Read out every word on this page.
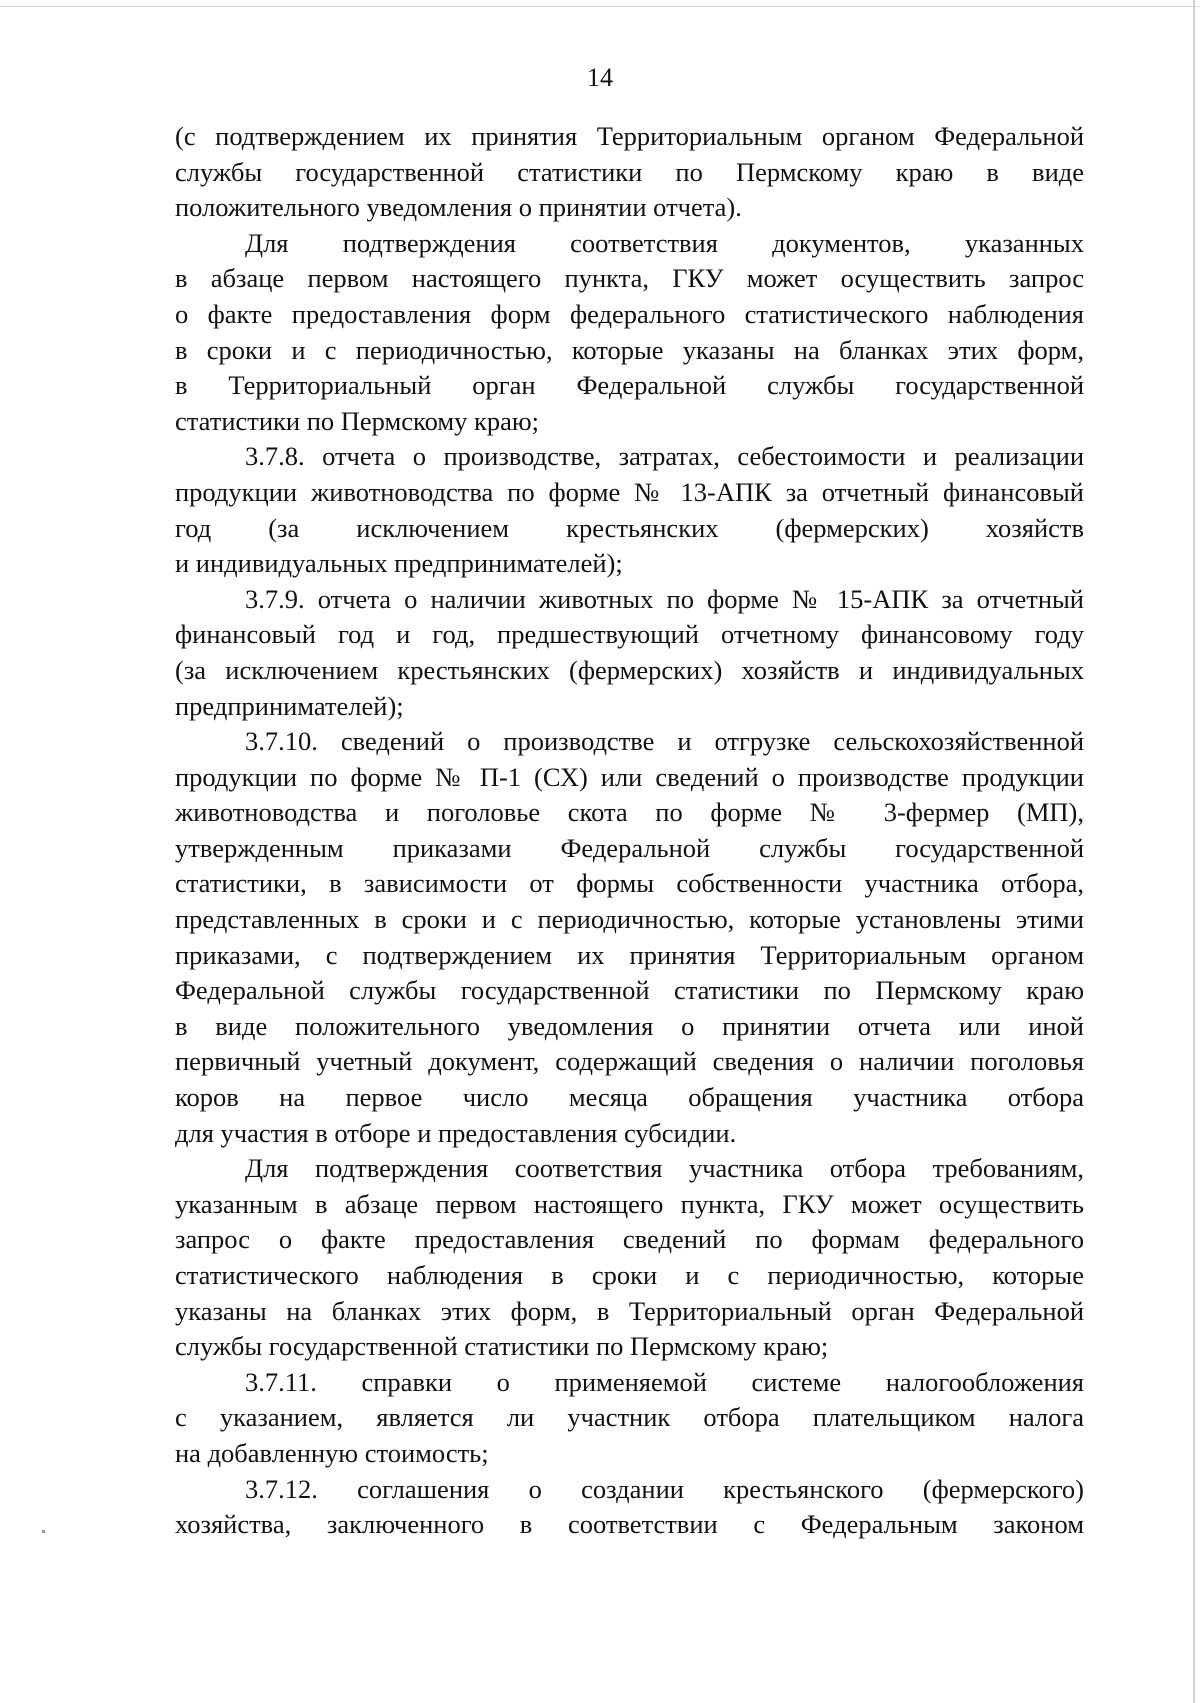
14

(с подтверждением их принятия Территориальным органом Федеральной
службы государственной статистики по Пермскому краю в виде
положительного уведомления о принятии отчета).

Для подтверждения соответствия документов, указанных
в абзаце первом настоящего пункта, ГКУ может осуществить запрос
о факте предоставления форм федерального статистического наблюдения
в сроки и с периодичностью, которые указаны на бланках этих форм,
в Территориальный орган Федеральной службы государственной
статистики по Пермскому краю;

3.7.8. отчета о производстве, затратах, себестоимости и реализации
продукции животноводства по форме № 13-АПК за отчетный финансовый
год (за исключением крестьянских (фермерских) хозяйств
и индивидуальных предпринимателей);

3.7.9. отчета о наличии животных по форме № 15-АПК за отчетный
финансовый год и год, предшествующий отчетному финансовому году
(за исключением крестьянских (фермерских) хозяйств и индивидуальных
предпринимателей);

3.7.10. сведений о производстве и отгрузке сельскохозяйственной
продукции по форме № П-1 (СХ) или сведений о производстве продукции
животноводства и поголовье скота по форме № 3-фермер (МП),
утвержденным приказами Федеральной службы государственной
статистики, в зависимости от формы собственности участника отбора,
представленных в сроки и с периодичностью, которые установлены этими
приказами, с подтверждением их принятия Территориальным органом
Федеральной службы государственной статистики по Пермскому краю
в виде положительного уведомления о принятии отчета или иной
первичный учетный документ, содержащий сведения о наличии поголовья
коров на первое число месяца обращения участника отбора
для участия в отборе и предоставления субсидии.

Для подтверждения соответствия участника отбора требованиям,
указанным в абзаце первом настоящего пункта, ГКУ может осуществить
запрос о факте предоставления сведений по формам федерального
статистического наблюдения в сроки и с периодичностью, которые
указаны на бланках этих форм, в Территориальный орган Федеральной
службы государственной статистики по Пермскому краю;

3.7.11. справки о применяемой системе налогообложения
с указанием, является ли участник отбора плательщиком налога
на добавленную стоимость;

3.7.12. соглашения о создании крестьянского (фермерского)
хозяйства, заключенного в соответствии с Федеральным законом
